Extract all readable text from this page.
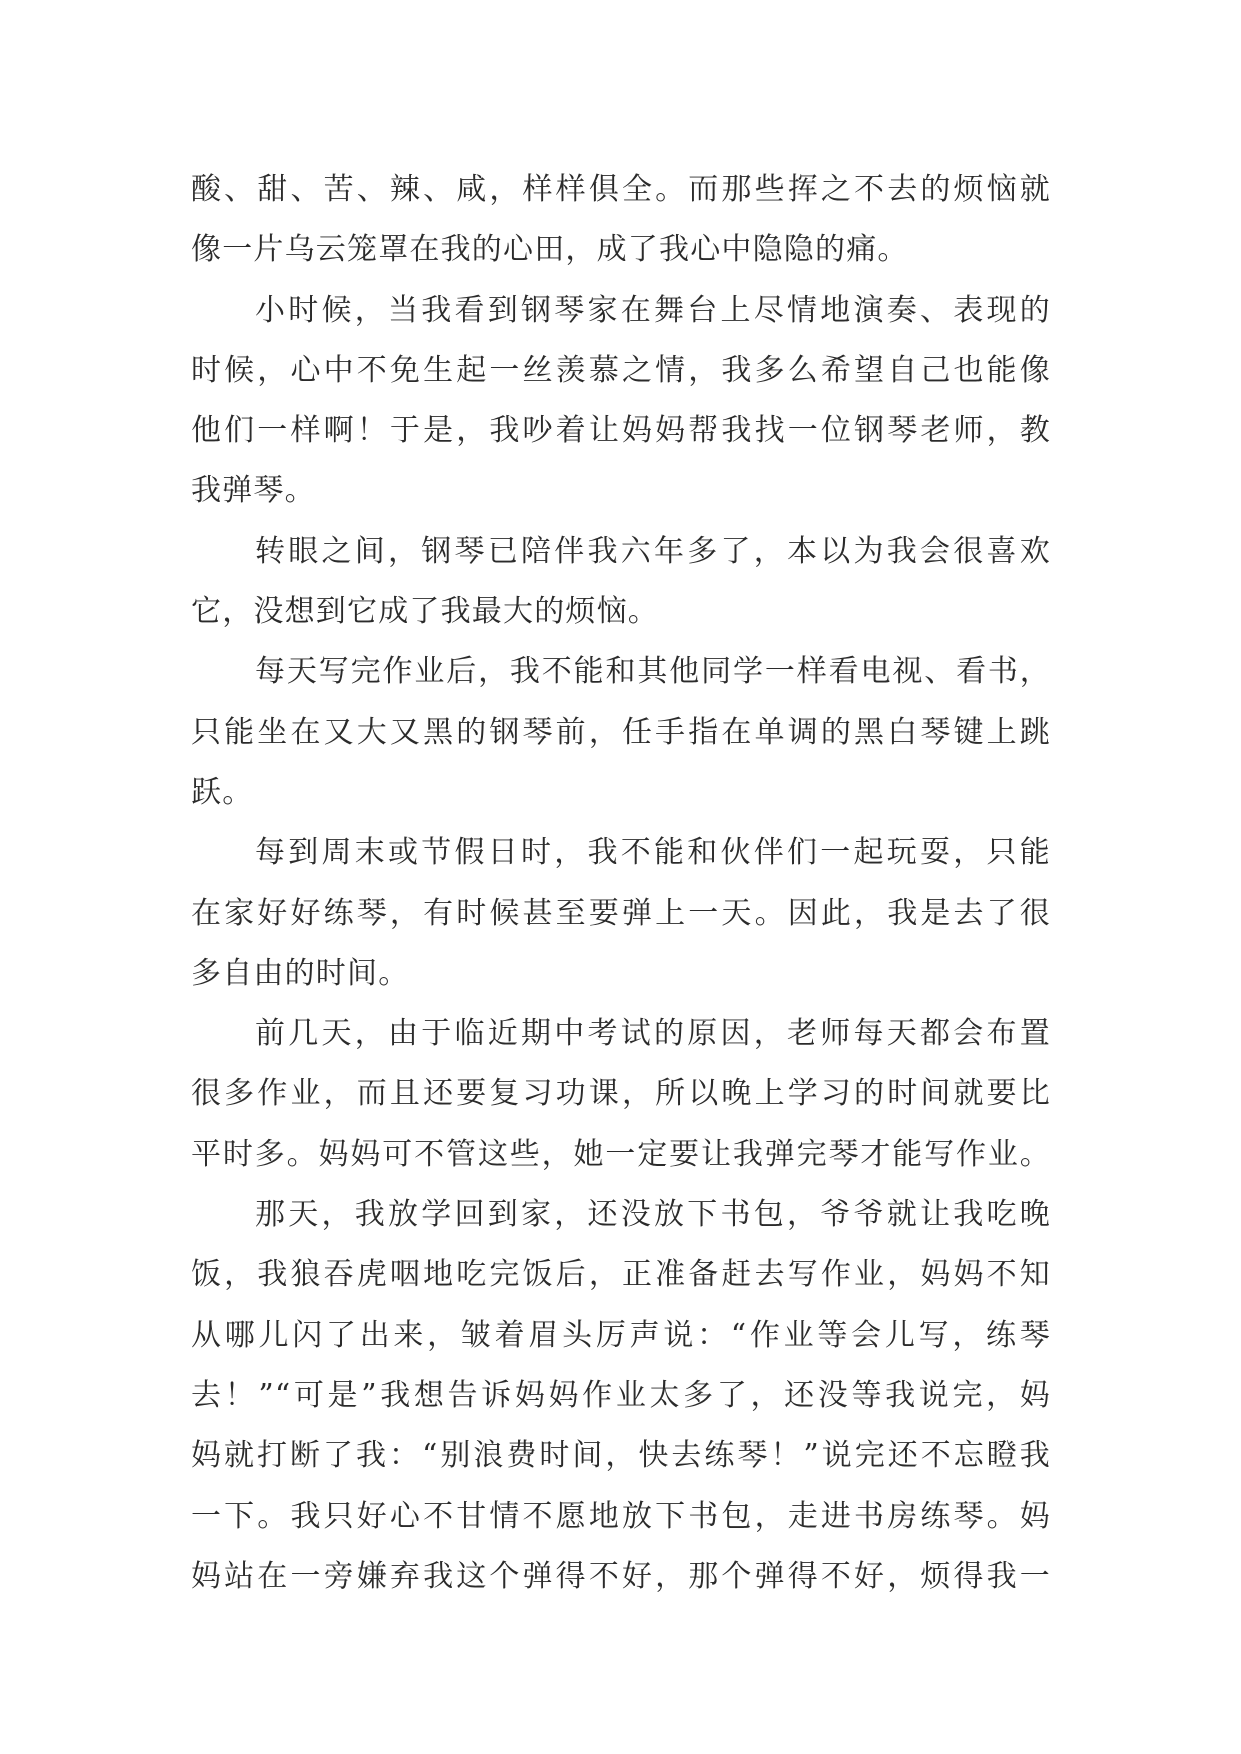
酸、甜、苦、辣、咸，样样俱全。而那些挥之不去的烦恼就
像一片乌云笼罩在我的心田，成了我心中隐隐的痛。
小时候，当我看到钢琴家在舞台上尽情地演奏、表现的
时候，心中不免生起一丝羡慕之情，我多么希望自己也能像
他们一样啊！于是，我吵着让妈妈帮我找一位钢琴老师，教
我弹琴。
转眼之间，钢琴已陪伴我六年多了，本以为我会很喜欢
它，没想到它成了我最大的烦恼。
每天写完作业后，我不能和其他同学一样看电视、看书，
只能坐在又大又黑的钢琴前，任手指在单调的黑白琴键上跳
跃。
每到周末或节假日时，我不能和伙伴们一起玩耍，只能
在家好好练琴，有时候甚至要弹上一天。因此，我是去了很
多自由的时间。
前几天，由于临近期中考试的原因，老师每天都会布置
很多作业，而且还要复习功课，所以晚上学习的时间就要比
平时多。妈妈可不管这些，她一定要让我弹完琴才能写作业。
那天，我放学回到家，还没放下书包，爷爷就让我吃晚
饭，我狼吞虎咽地吃完饭后，正准备赶去写作业，妈妈不知
从哪儿闪了出来，皱着眉头厉声说：“作业等会儿写，练琴
去！”“可是”我想告诉妈妈作业太多了，还没等我说完，妈
妈就打断了我：“别浪费时间，快去练琴！”说完还不忘瞪我
一下。我只好心不甘情不愿地放下书包，走进书房练琴。妈
妈站在一旁嫌弃我这个弹得不好，那个弹得不好，烦得我一
